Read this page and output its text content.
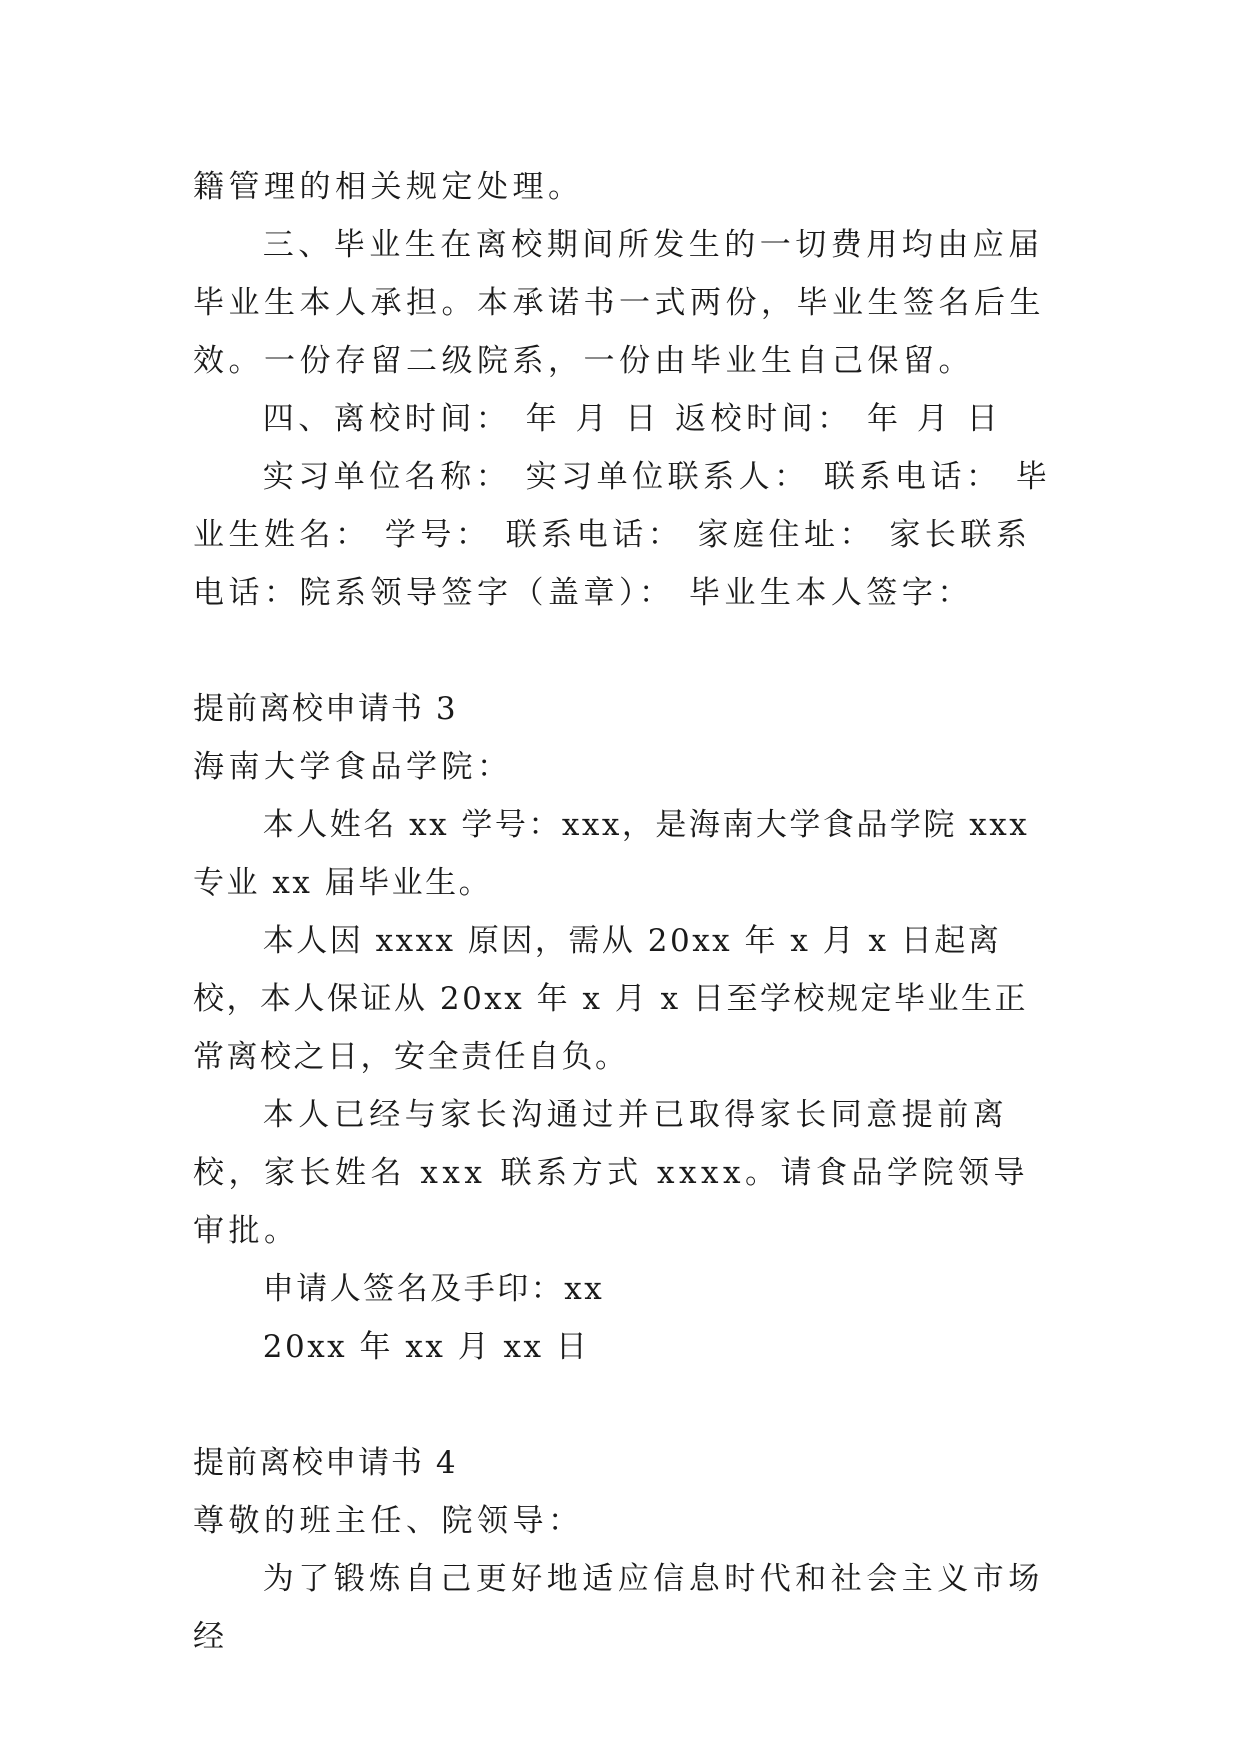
籍管理的相关规定处理。

三、毕业生在离校期间所发生的一切费用均由应届毕业生本人承担。本承诺书一式两份，毕业生签名后生效。一份存留二级院系，一份由毕业生自己保留。

四、离校时间： 年 月 日 返校时间： 年 月 日

实习单位名称： 实习单位联系人： 联系电话： 毕业生姓名： 学号： 联系电话： 家庭住址： 家长联系电话：院系领导签字（盖章）： 毕业生本人签字：

提前离校申请书 3

海南大学食品学院：

本人姓名 xx 学号：xxx，是海南大学食品学院 xxx 专业 xx 届毕业生。

本人因 xxxx 原因，需从 20xx 年 x 月 x 日起离校，本人保证从 20xx 年 x 月 x 日至学校规定毕业生正常离校之日，安全责任自负。

本人已经与家长沟通过并已取得家长同意提前离校，家长姓名 xxx 联系方式 xxxx。请食品学院领导审批。

申请人签名及手印：xx

20xx 年 xx 月 xx 日

提前离校申请书 4

尊敬的班主任、院领导：

为了锻炼自己更好地适应信息时代和社会主义市场经
